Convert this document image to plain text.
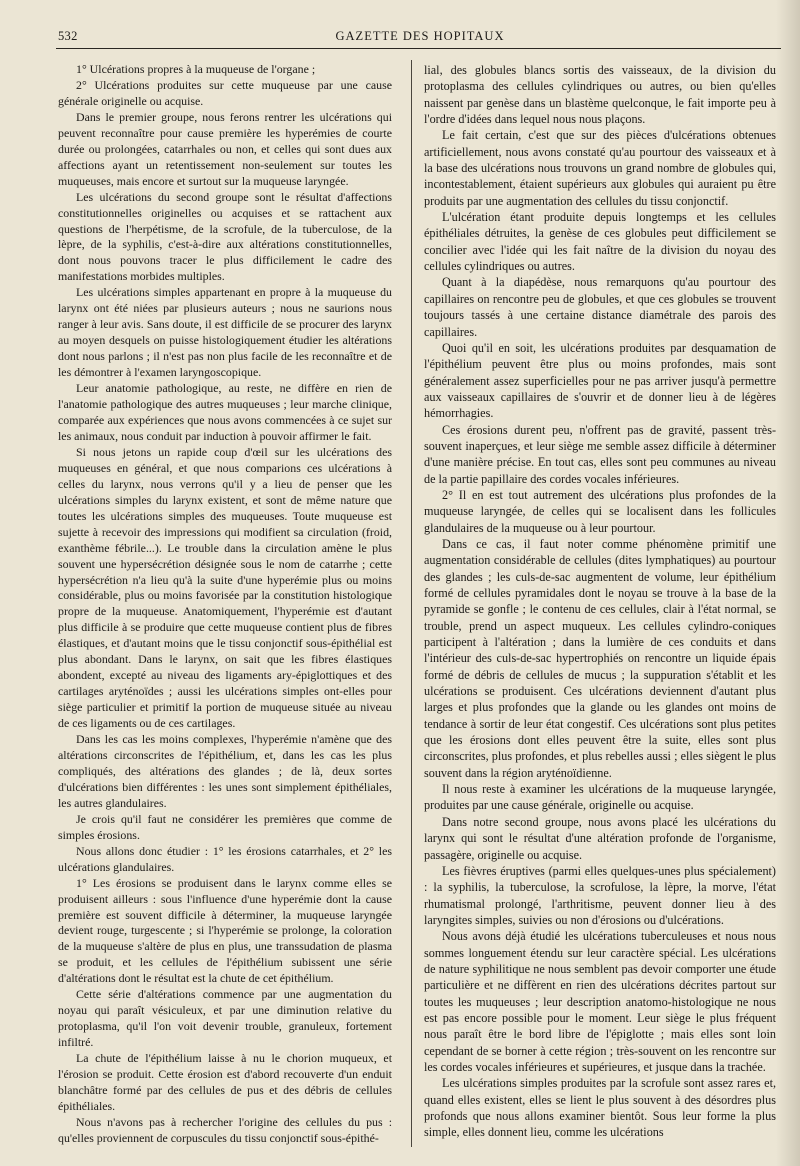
532	GAZETTE DES HOPITAUX

1° Ulcérations propres à la muqueuse de l'organe ;

2° Ulcérations produites sur cette muqueuse par une cause générale originelle ou acquise.

Dans le premier groupe, nous ferons rentrer les ulcérations qui peuvent reconnaître pour cause première les hyperémies de courte durée ou prolongées, catarrhales ou non, et celles qui sont dues aux affections ayant un retentissement non-seulement sur toutes les muqueuses, mais encore et surtout sur la muqueuse laryngée.

Les ulcérations du second groupe sont le résultat d'affections constitutionnelles originelles ou acquises et se rattachent aux questions de l'herpétisme, de la scrofule, de la tuberculose, de la lèpre, de la syphilis, c'est-à-dire aux altérations constitutionnelles, dont nous pouvons tracer le plus difficilement le cadre des manifestations morbides multiples.

Les ulcérations simples appartenant en propre à la muqueuse du larynx ont été niées par plusieurs auteurs ; nous ne saurions nous ranger à leur avis. Sans doute, il est difficile de se procurer des larynx au moyen desquels on puisse histologiquement étudier les altérations dont nous parlons ; il n'est pas non plus facile de les reconnaître et de les démontrer à l'examen laryngoscopique.

Leur anatomie pathologique, au reste, ne diffère en rien de l'anatomie pathologique des autres muqueuses ; leur marche clinique, comparée aux expériences que nous avons commencées à ce sujet sur les animaux, nous conduit par induction à pouvoir affirmer le fait.

Si nous jetons un rapide coup d'œil sur les ulcérations des muqueuses en général, et que nous comparions ces ulcérations à celles du larynx, nous verrons qu'il y a lieu de penser que les ulcérations simples du larynx existent, et sont de même nature que toutes les ulcérations simples des muqueuses. Toute muqueuse est sujette à recevoir des impressions qui modifient sa circulation (froid, exanthème fébrile...). Le trouble dans la circulation amène le plus souvent une hypersécrétion désignée sous le nom de catarrhe ; cette hypersécrétion n'a lieu qu'à la suite d'une hyperémie plus ou moins considérable, plus ou moins favorisée par la constitution histologique propre de la muqueuse. Anatomiquement, l'hyperémie est d'autant plus difficile à se produire que cette muqueuse contient plus de fibres élastiques, et d'autant moins que le tissu conjonctif sous-épithélial est plus abondant. Dans le larynx, on sait que les fibres élastiques abondent, excepté au niveau des ligaments ary-épiglottiques et des cartilages aryténoïdes ; aussi les ulcérations simples ont-elles pour siège particulier et primitif la portion de muqueuse située au niveau de ces ligaments ou de ces cartilages.

Dans les cas les moins complexes, l'hyperémie n'amène que des altérations circonscrites de l'épithélium, et, dans les cas les plus compliqués, des altérations des glandes ; de là, deux sortes d'ulcérations bien différentes : les unes sont simplement épithéliales, les autres glandulaires.

Je crois qu'il faut ne considérer les premières que comme de simples érosions.

Nous allons donc étudier : 1° les érosions catarrhales, et 2° les ulcérations glandulaires.

1° Les érosions se produisent dans le larynx comme elles se produisent ailleurs : sous l'influence d'une hyperémie dont la cause première est souvent difficile à déterminer, la muqueuse laryngée devient rouge, turgescente ; si l'hyperémie se prolonge, la coloration de la muqueuse s'altère de plus en plus, une transsudation de plasma se produit, et les cellules de l'épithélium subissent une série d'altérations dont le résultat est la chute de cet épithélium.

Cette série d'altérations commence par une augmentation du noyau qui paraît vésiculeux, et par une diminution relative du protoplasma, qu'il l'on voit devenir trouble, granuleux, fortement infiltré.

La chute de l'épithélium laisse à nu le chorion muqueux, et l'érosion se produit. Cette érosion est d'abord recouverte d'un enduit blanchâtre formé par des cellules de pus et des débris de cellules épithéliales.

Nous n'avons pas à rechercher l'origine des cellules du pus : qu'elles proviennent de corpuscules du tissu conjonctif sous-épithé-

lial, des globules blancs sortis des vaisseaux, de la division du protoplasma des cellules cylindriques ou autres, ou bien qu'elles naissent par genèse dans un blastème quelconque, le fait importe peu à l'ordre d'idées dans lequel nous nous plaçons.

Le fait certain, c'est que sur des pièces d'ulcérations obtenues artificiellement, nous avons constaté qu'au pourtour des vaisseaux et à la base des ulcérations nous trouvons un grand nombre de globules qui, incontestablement, étaient supérieurs aux globules qui auraient pu être produits par une augmentation des cellules du tissu conjonctif.

L'ulcération étant produite depuis longtemps et les cellules épithéliales détruites, la genèse de ces globules peut difficilement se concilier avec l'idée qui les fait naître de la division du noyau des cellules cylindriques ou autres.

Quant à la diapédèse, nous remarquons qu'au pourtour des capillaires on rencontre peu de globules, et que ces globules se trouvent toujours tassés à une certaine distance diamétrale des parois des capillaires.

Quoi qu'il en soit, les ulcérations produites par desquamation de l'épithélium peuvent être plus ou moins profondes, mais sont généralement assez superficielles pour ne pas arriver jusqu'à permettre aux vaisseaux capillaires de s'ouvrir et de donner lieu à de légères hémorrhagies.

Ces érosions durent peu, n'offrent pas de gravité, passent très-souvent inaperçues, et leur siège me semble assez difficile à déterminer d'une manière précise. En tout cas, elles sont peu communes au niveau de la partie papillaire des cordes vocales inférieures.

2° Il en est tout autrement des ulcérations plus profondes de la muqueuse laryngée, de celles qui se localisent dans les follicules glandulaires de la muqueuse ou à leur pourtour.

Dans ce cas, il faut noter comme phénomène primitif une augmentation considérable de cellules (dites lymphatiques) au pourtour des glandes ; les culs-de-sac augmentent de volume, leur épithélium formé de cellules pyramidales dont le noyau se trouve à la base de la pyramide se gonfle ; le contenu de ces cellules, clair à l'état normal, se trouble, prend un aspect muqueux. Les cellules cylindro-coniques participent à l'altération ; dans la lumière de ces conduits et dans l'intérieur des culs-de-sac hypertrophiés on rencontre un liquide épais formé de débris de cellules de mucus ; la suppuration s'établit et les ulcérations se produisent. Ces ulcérations deviennent d'autant plus larges et plus profondes que la glande ou les glandes ont moins de tendance à sortir de leur état congestif. Ces ulcérations sont plus petites que les érosions dont elles peuvent être la suite, elles sont plus circonscrites, plus profondes, et plus rebelles aussi ; elles siègent le plus souvent dans la région aryténoïdienne.

Il nous reste à examiner les ulcérations de la muqueuse laryngée, produites par une cause générale, originelle ou acquise.

Dans notre second groupe, nous avons placé les ulcérations du larynx qui sont le résultat d'une altération profonde de l'organisme, passagère, originelle ou acquise.

Les fièvres éruptives (parmi elles quelques-unes plus spécialement) : la syphilis, la tuberculose, la scrofulose, la lèpre, la morve, l'état rhumatismal prolongé, l'arthritisme, peuvent donner lieu à des laryngites simples, suivies ou non d'érosions ou d'ulcérations.

Nous avons déjà étudié les ulcérations tuberculeuses et nous nous sommes longuement étendu sur leur caractère spécial. Les ulcérations de nature syphilitique ne nous semblent pas devoir comporter une étude particulière et ne diffèrent en rien des ulcérations décrites partout sur toutes les muqueuses ; leur description anatomo-histologique ne nous est pas encore possible pour le moment. Leur siège le plus fréquent nous paraît être le bord libre de l'épiglotte ; mais elles sont loin cependant de se borner à cette région ; très-souvent on les rencontre sur les cordes vocales inférieures et supérieures, et jusque dans la trachée.

Les ulcérations simples produites par la scrofule sont assez rares et, quand elles existent, elles se lient le plus souvent à des désordres plus profonds que nous allons examiner bientôt. Sous leur forme la plus simple, elles donnent lieu, comme les ulcérations
